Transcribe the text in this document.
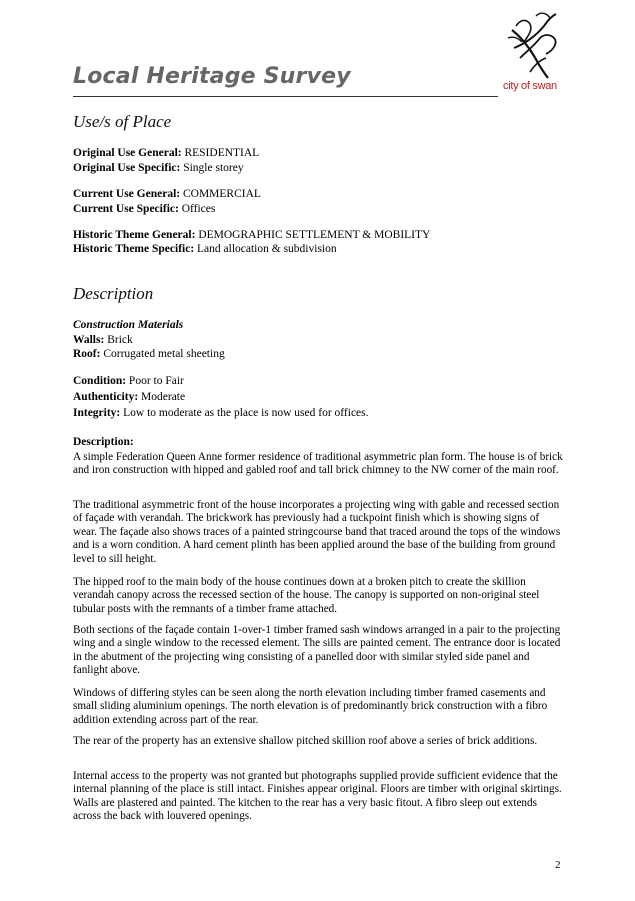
Local Heritage Survey	city of swan
Use/s of Place
Original Use General: RESIDENTIAL
Original Use Specific: Single storey
Current Use General: COMMERCIAL
Current Use Specific: Offices
Historic Theme General: DEMOGRAPHIC SETTLEMENT & MOBILITY
Historic Theme Specific: Land allocation & subdivision
Description
Construction Materials
Walls: Brick
Roof: Corrugated metal sheeting
Condition: Poor to Fair
Authenticity: Moderate
Integrity: Low to moderate as the place is now used for offices.
Description:
A simple Federation Queen Anne former residence of traditional asymmetric plan form. The house is of brick and iron construction with hipped and gabled roof and tall brick chimney to the NW corner of the main roof.
The traditional asymmetric front of the house incorporates a projecting wing with gable and recessed section of façade with verandah. The brickwork has previously had a tuckpoint finish which is showing signs of wear. The façade also shows traces of a painted stringcourse band that traced around the tops of the windows and is a worn condition. A hard cement plinth has been applied around the base of the building from ground level to sill height.
The hipped roof to the main body of the house continues down at a broken pitch to create the skillion verandah canopy across the recessed section of the house. The canopy is supported on non-original steel tubular posts with the remnants of a timber frame attached.
Both sections of the façade contain 1-over-1 timber framed sash windows arranged in a pair to the projecting wing and a single window to the recessed element. The sills are painted cement. The entrance door is located in the abutment of the projecting wing consisting of a panelled door with similar styled side panel and fanlight above.
Windows of differing styles can be seen along the north elevation including timber framed casements and small sliding aluminium openings. The north elevation is of predominantly brick construction with a fibro addition extending across part of the rear.
The rear of the property has an extensive shallow pitched skillion roof above a series of brick additions.
Internal access to the property was not granted but photographs supplied provide sufficient evidence that the internal planning of the place is still intact. Finishes appear original. Floors are timber with original skirtings. Walls are plastered and painted. The kitchen to the rear has a very basic fitout. A fibro sleep out extends across the back with louvered openings.
2
